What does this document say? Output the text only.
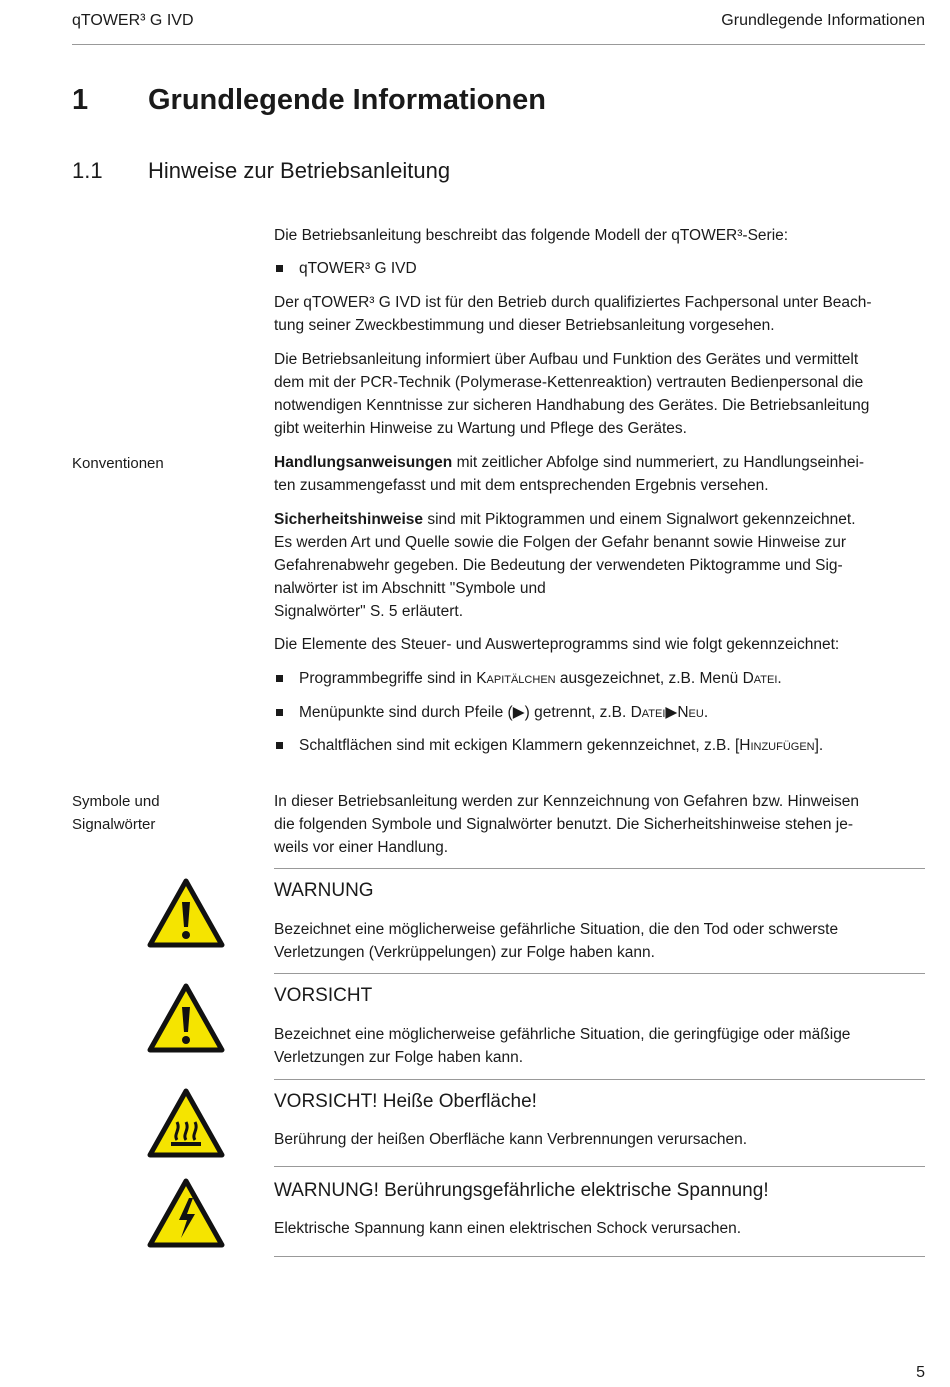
qTOWER³ G IVD	Grundlegende Informationen
1 Grundlegende Informationen
1.1 Hinweise zur Betriebsanleitung

Die Betriebsanleitung beschreibt das folgende Modell der qTOWER³-Serie:

qTOWER³ G IVD

Der qTOWER³ G IVD ist für den Betrieb durch qualifiziertes Fachpersonal unter Beach-

tung seiner Zweckbestimmung und dieser Betriebsanleitung vorgesehen.

Die Betriebsanleitung informiert über Aufbau und Funktion des Gerätes und vermittelt

dem mit der PCR-Technik (Polymerase-Kettenreaktion) vertrauten Bedienpersonal die

notwendigen Kenntnisse zur sicheren Handhabung des Gerätes. Die Betriebsanleitung

gibt weiterhin Hinweise zu Wartung und Pflege des Gerätes.

Konventionen	Handlungsanweisungen mit zeitlicher Abfolge sind nummeriert, zu Handlungseinhei-

ten zusammengefasst und mit dem entsprechenden Ergebnis versehen.

Sicherheitshinweise sind mit Piktogrammen und einem Signalwort gekennzeichnet.

Es werden Art und Quelle sowie die Folgen der Gefahr benannt sowie Hinweise zur

Gefahrenabwehr gegeben. Die Bedeutung der verwendeten Piktogramme und Sig-

nalwörter ist im Abschnitt "Symbole und

Signalwörter" S. 5 erläutert.

Die Elemente des Steuer- und Auswerteprogramms sind wie folgt gekennzeichnet:

Programmbegriffe sind in Kapitälchen ausgezeichnet, z.B. Menü Datei.

Menüpunkte sind durch Pfeile (▶) getrennt, z.B. Datei▶Neu.

Schaltflächen sind mit eckigen Klammern gekennzeichnet, z.B. [Hinzufügen].

Symbole und
Signalwörter

In dieser Betriebsanleitung werden zur Kennzeichnung von Gefahren bzw. Hinweisen

die folgenden Symbole und Signalwörter benutzt. Die Sicherheitshinweise stehen je-

weils vor einer Handlung.

WARNUNG

Bezeichnet eine möglicherweise gefährliche Situation, die den Tod oder schwerste

Verletzungen (Verkrüppelungen) zur Folge haben kann.

VORSICHT

Bezeichnet eine möglicherweise gefährliche Situation, die geringfügige oder mäßige

Verletzungen zur Folge haben kann.

VORSICHT! Heiße Oberfläche!

Berührung der heißen Oberfläche kann Verbrennungen verursachen.

WARNUNG! Berührungsgefährliche elektrische Spannung!

Elektrische Spannung kann einen elektrischen Schock verursachen.

5
